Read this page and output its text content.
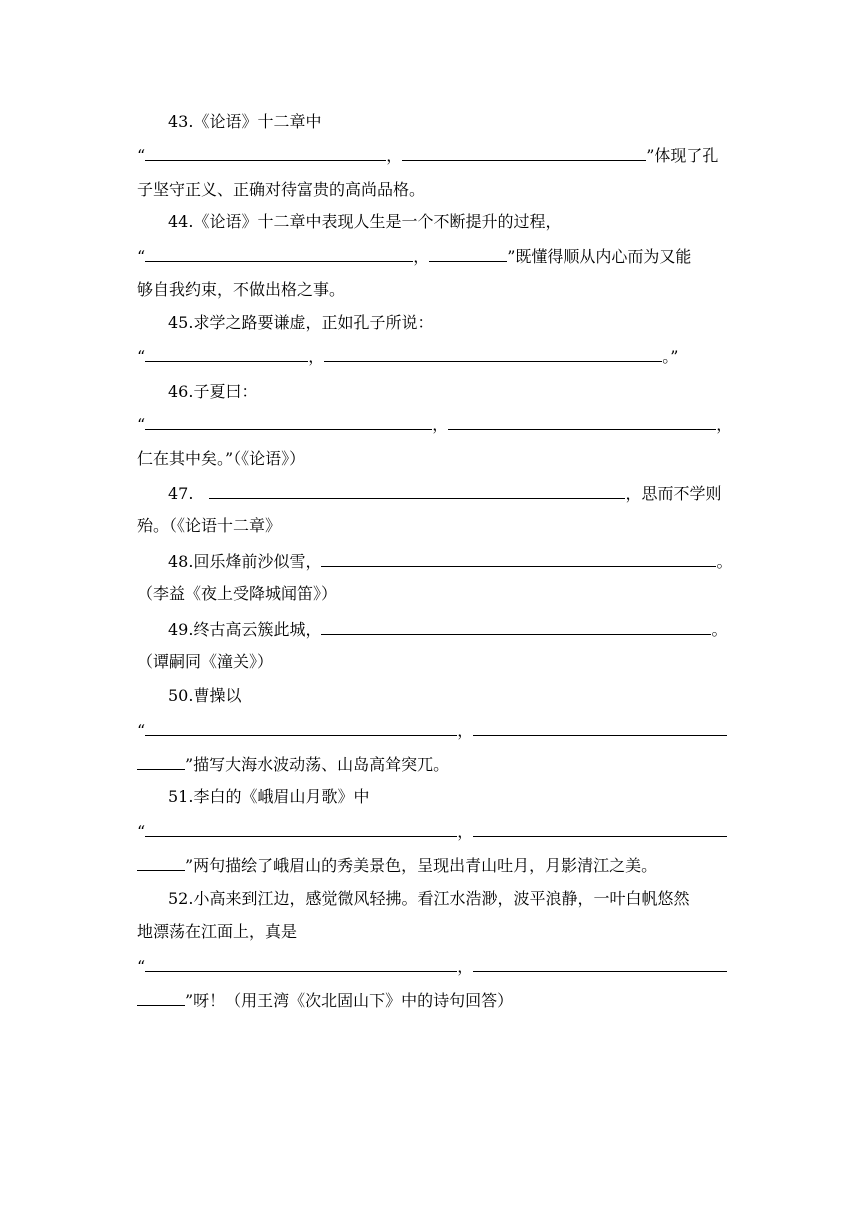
43.《论语》十二章中
“	，	”体现了孔
子坚守正义、正确对待富贵的高尚品格。
44.《论语》十二章中表现人生是一个不断提升的过程，
“	，	”既懂得顺从内心而为又能
够自我约束，不做出格之事。
45.求学之路要谦虚，正如孔子所说：
“	，	。”
46.子夏曰：
“	，	，
仁在其中矣。”（《论语》）
47.	，思而不学则
殆。（《论语十二章》
48.回乐烽前沙似雪，	。
（李益《夜上受降城闻笛》）
49.终古高云簇此城，	。
（谭嗣同《潼关》）
50.曹操以
“	，
”描写大海水波动荡、山岛高耸突兀。
51.李白的《峨眉山月歌》中
“	，
”两句描绘了峨眉山的秀美景色，呈现出青山吐月，月影清江之美。
52.小高来到江边，感觉微风轻拂。看江水浩渺，波平浪静，一叶白帆悠然
地漂荡在江面上，真是
“	，
”呀！（用王湾《次北固山下》中的诗句回答）
